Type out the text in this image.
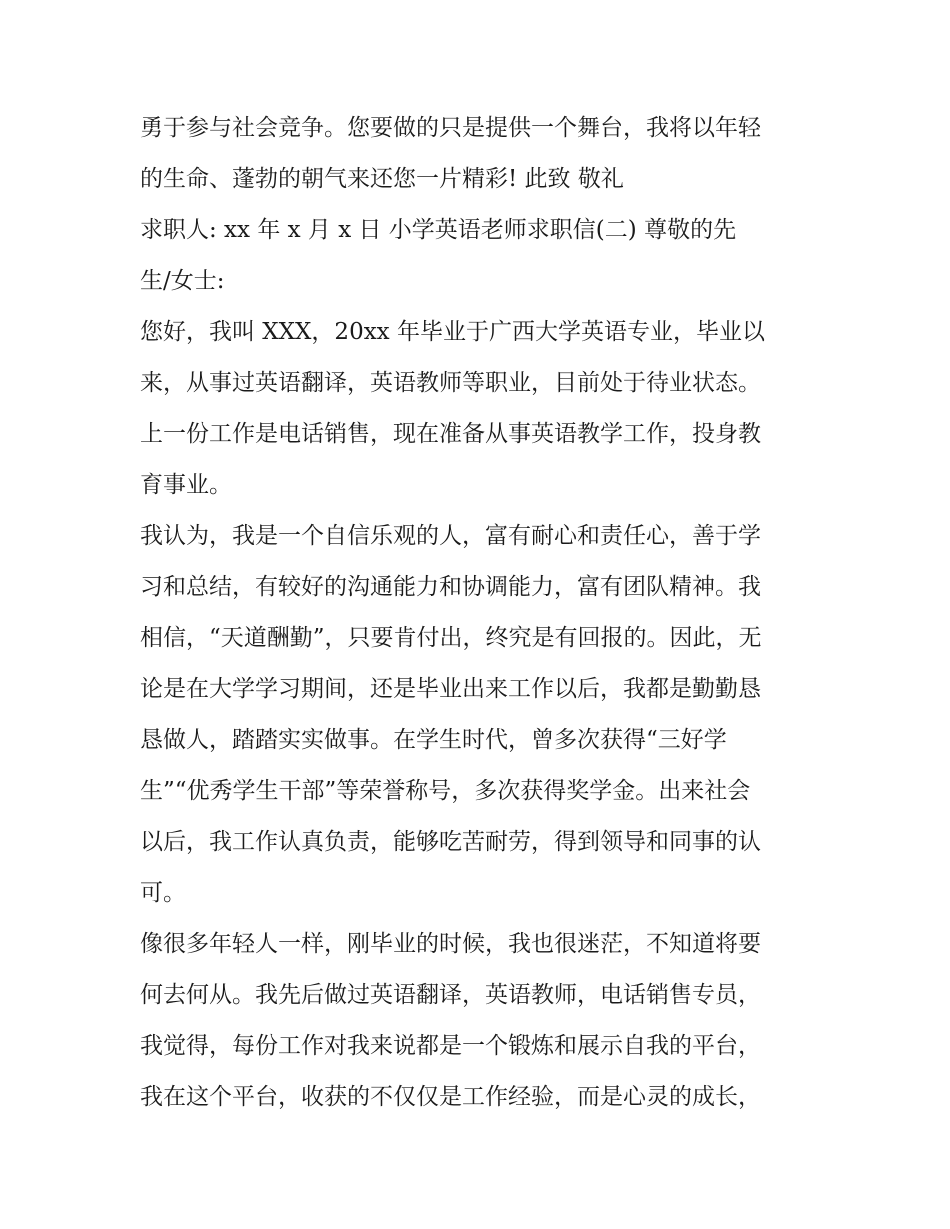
勇于参与社会竞争。您要做的只是提供一个舞台，我将以年轻
的生命、蓬勃的朝气来还您一片精彩! 此致 敬礼
求职人: xx 年 x 月 x 日 小学英语老师求职信(二) 尊敬的先
生/女士:
您好，我叫 XXX，20xx 年毕业于广西大学英语专业，毕业以
来，从事过英语翻译，英语教师等职业，目前处于待业状态。
上一份工作是电话销售，现在准备从事英语教学工作，投身教
育事业。
我认为，我是一个自信乐观的人，富有耐心和责任心，善于学
习和总结，有较好的沟通能力和协调能力，富有团队精神。我
相信，“天道酬勤”，只要肯付出，终究是有回报的。因此，无
论是在大学学习期间，还是毕业出来工作以后，我都是勤勤恳
恳做人，踏踏实实做事。在学生时代，曾多次获得“三好学
生”“优秀学生干部”等荣誉称号，多次获得奖学金。出来社会
以后，我工作认真负责，能够吃苦耐劳，得到领导和同事的认
可。
像很多年轻人一样，刚毕业的时候，我也很迷茫，不知道将要
何去何从。我先后做过英语翻译，英语教师，电话销售专员，
我觉得，每份工作对我来说都是一个锻炼和展示自我的平台，
我在这个平台，收获的不仅仅是工作经验，而是心灵的成长，
